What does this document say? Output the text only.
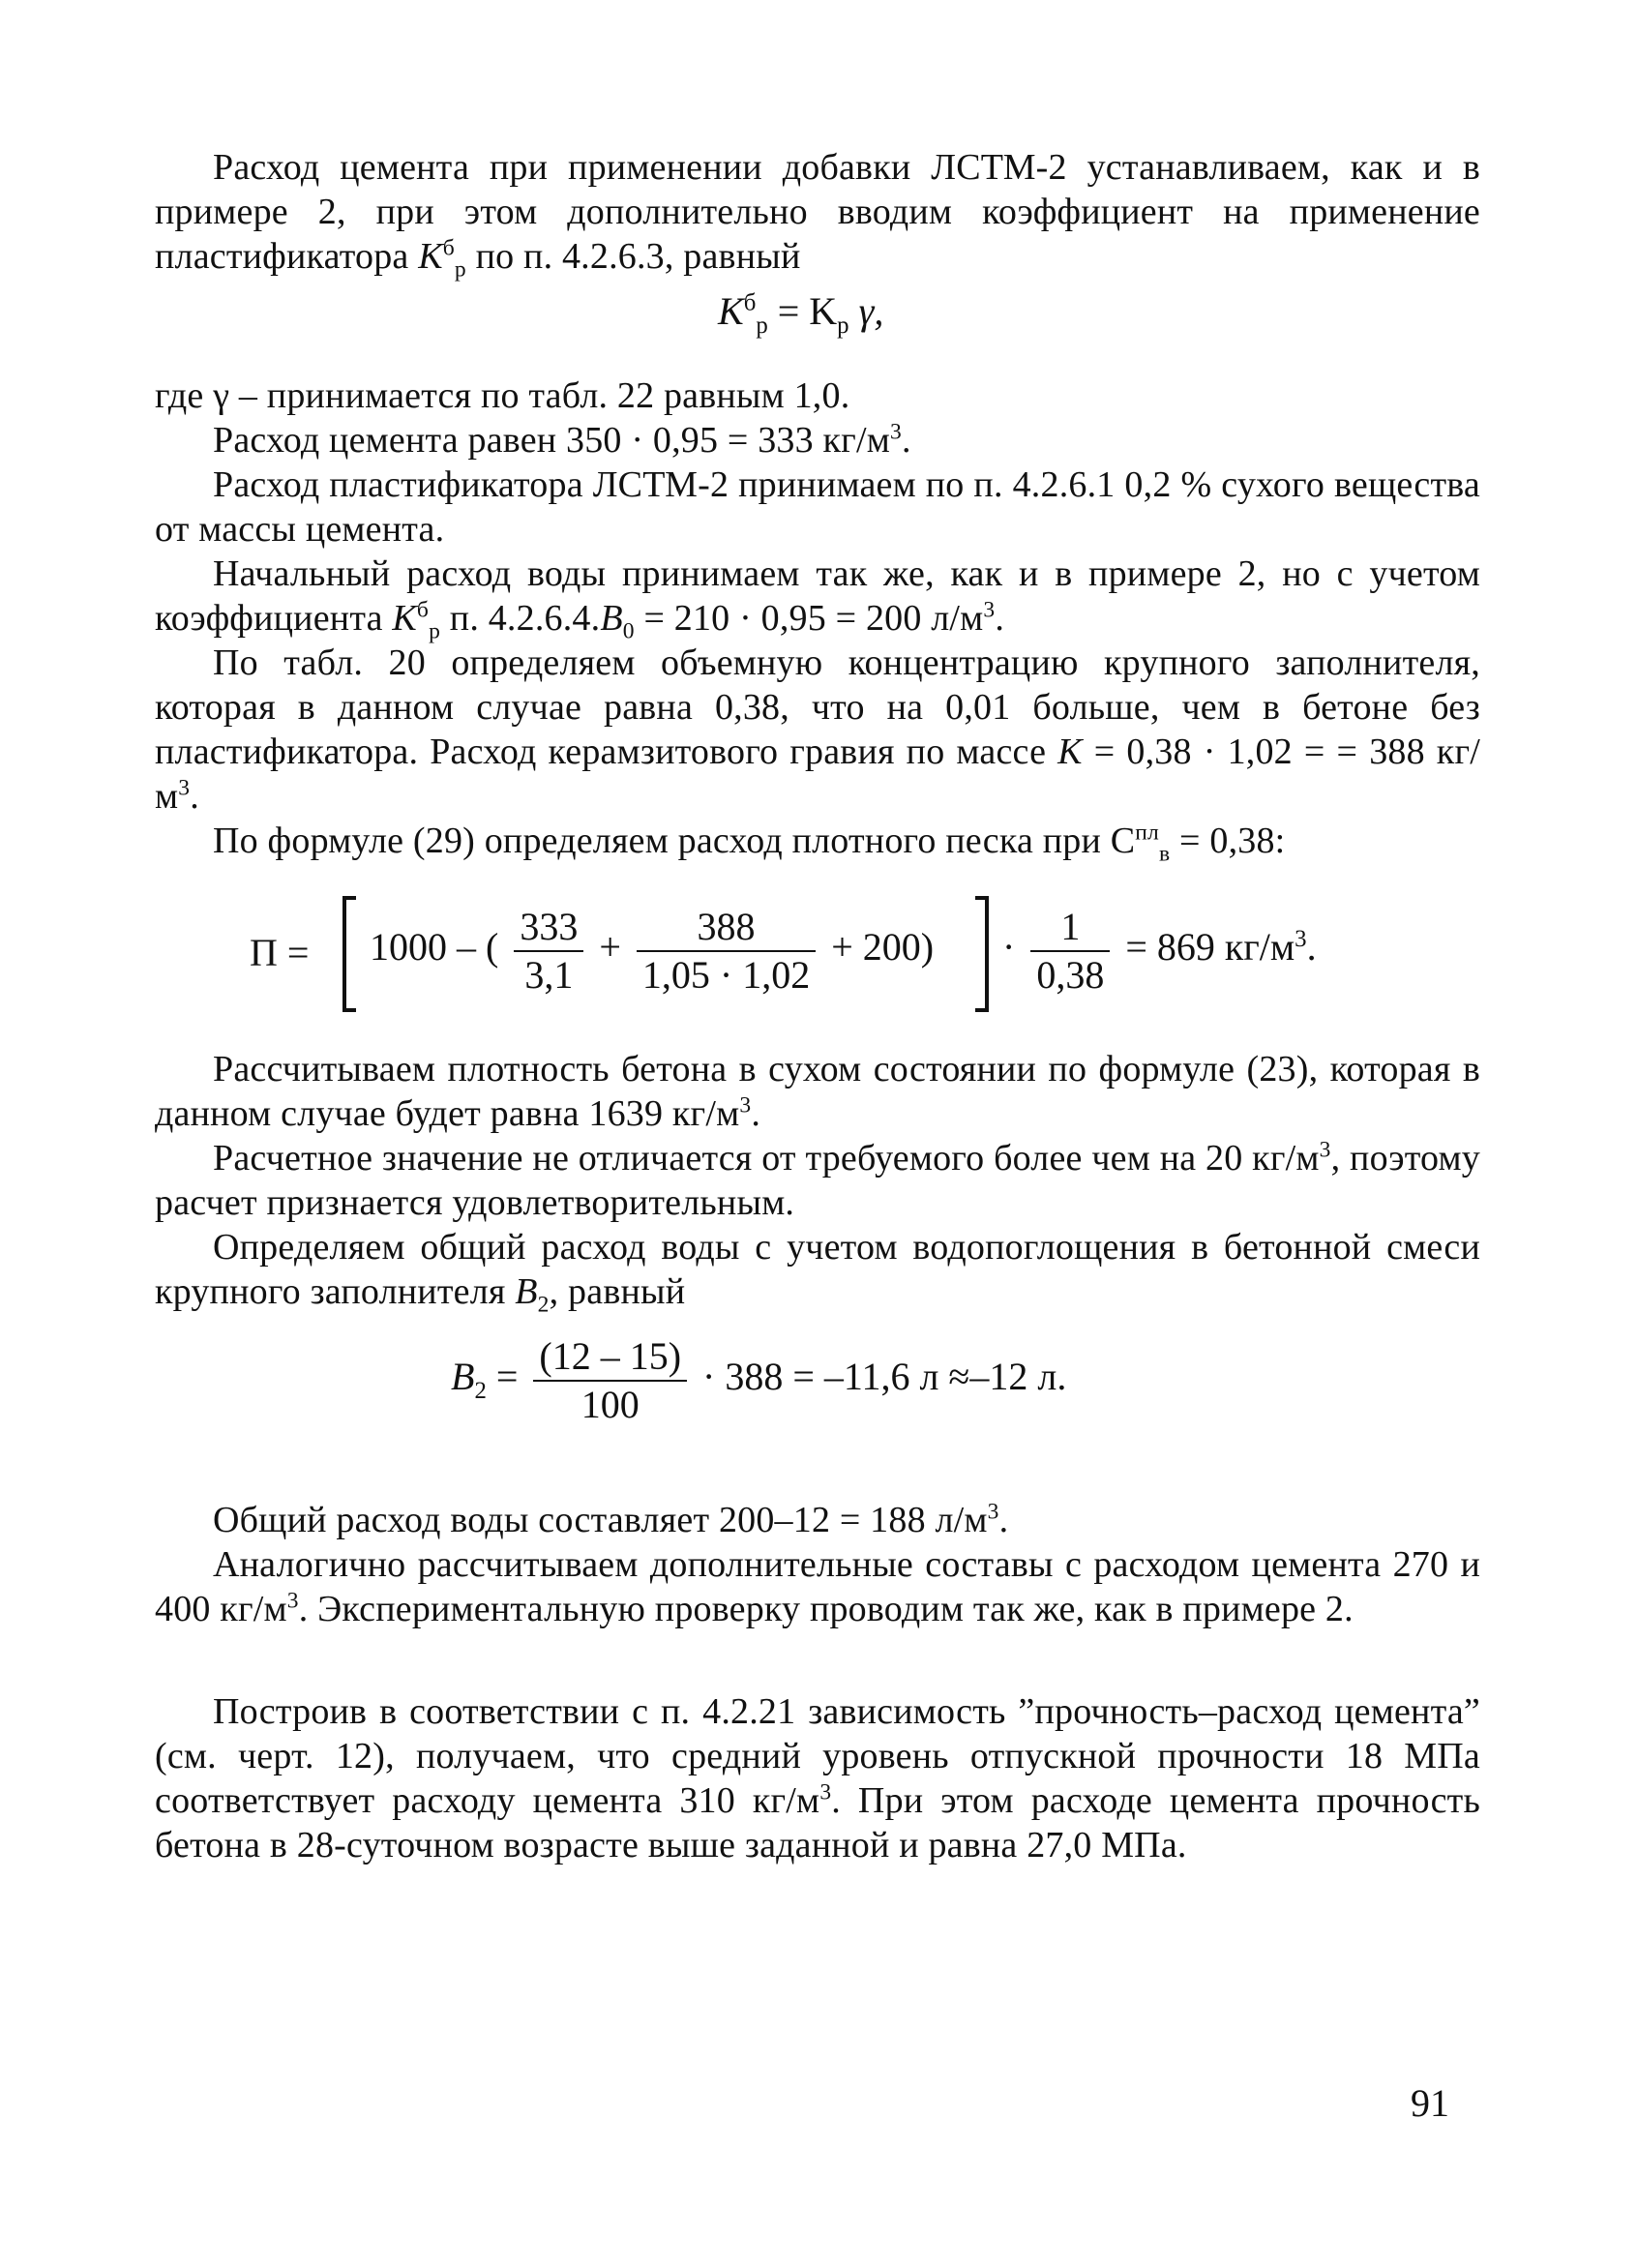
Расход цемента при применении добавки ЛСТМ-2 устанавливаем, как и в примере 2, при этом дополнительно вводим коэффициент на применение пластификатора $K^б_р$ по п. 4.2.6.3, равный

$K^б_р = K_р$ γ,

где γ – принимается по табл. 22 равным 1,0.

Расход цемента равен 350 · 0,95 = 333 $кг/м^3$.

Расход пластификатора ЛСТМ-2 принимаем по п. 4.2.6.1 0,2 % сухого вещества от массы цемента.

Начальный расход воды принимаем так же, как и в примере 2, но с учетом коэффициента $K^б_р$ п. $4.2.6.4.B_0 = 210 \cdot 0,95 = 200$ $л/м^3$.

По табл. 20 определяем объемную концентрацию крупного заполнителя, которая в данном случае равна 0,38, что на 0,01 больше, чем в бетоне без пластификатора. Расход керамзитового гравия по массе K = 0,38 · 1,02 = = 388 $кг/м^3$.

По формуле (29) определяем расход плотного песка при $C^{пл}_в = 0,38$:

П = 1000 – ( $\frac{333}{3,1} + \frac{388}{1,05 \cdot 1,02} + 200) \cdot \frac{1}{0,38} = 869$ $кг/м^3$.

Рассчитываем плотность бетона в сухом состоянии по формуле (23), которая в данном случае будет равна 1639 $кг/м^3$.

Расчетное значение не отличается от требуемого более чем на 20 $кг/м^3$, поэтому расчет признается удовлетворительным.

Определяем общий расход воды с учетом водопоглощения в бетонной смеси крупного заполнителя $B_2$, равный

$B_2 = \frac{(12 - 15)}{100} \cdot 388 = -11,6$ л ≈–12 л.

Общий расход воды составляет 200–12 = 188 $л/м^3$.

Аналогично рассчитываем дополнительные составы с расходом цемента 270 и 400 $кг/м^3$. Экспериментальную проверку проводим так же, как в примере 2.

Построив в соответствии с п. 4.2.21 зависимость ”прочность–расход цемента” (см. черт. 12), получаем, что средний уровень отпускной прочности 18 МПа соответствует расходу цемента 310 $кг/м^3$. При этом расходе цемента прочность бетона в 28-суточном возрасте выше заданной и равна 27,0 МПа.

91
